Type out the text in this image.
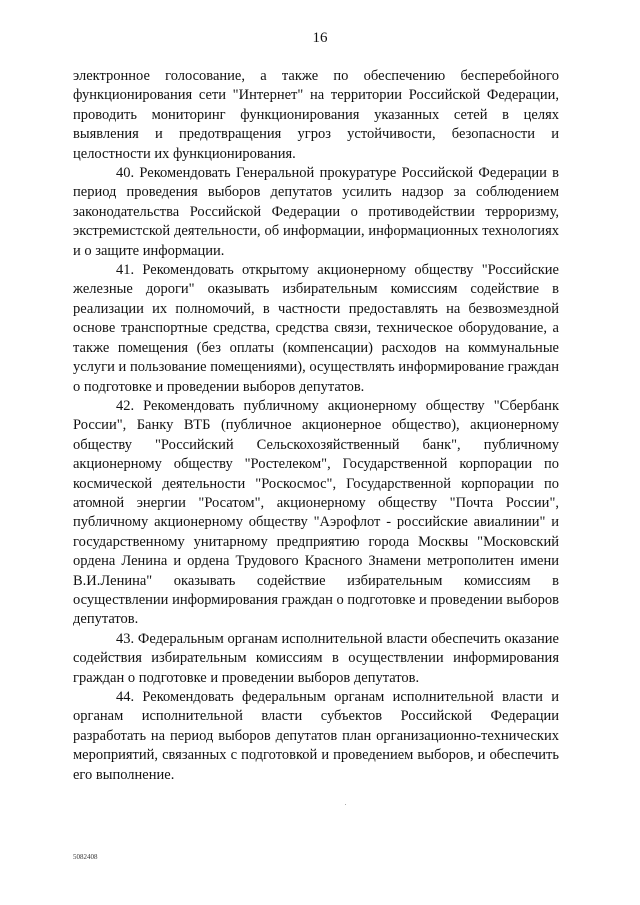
16

электронное голосование, а также по обеспечению бесперебойного функционирования сети "Интернет" на территории Российской Федерации, проводить мониторинг функционирования указанных сетей в целях выявления и предотвращения угроз устойчивости, безопасности и целостности их функционирования.

40. Рекомендовать Генеральной прокуратуре Российской Федерации в период проведения выборов депутатов усилить надзор за соблюдением законодательства Российской Федерации о противодействии терроризму, экстремистской деятельности, об информации, информационных технологиях и о защите информации.

41. Рекомендовать открытому акционерному обществу "Российские железные дороги" оказывать избирательным комиссиям содействие в реализации их полномочий, в частности предоставлять на безвозмездной основе транспортные средства, средства связи, техническое оборудование, а также помещения (без оплаты (компенсации) расходов на коммунальные услуги и пользование помещениями), осуществлять информирование граждан о подготовке и проведении выборов депутатов.

42. Рекомендовать публичному акционерному обществу "Сбербанк России", Банку ВТБ (публичное акционерное общество), акционерному обществу "Российский Сельскохозяйственный банк", публичному акционерному обществу "Ростелеком", Государственной корпорации по космической деятельности "Роскосмос", Государственной корпорации по атомной энергии "Росатом", акционерному обществу "Почта России", публичному акционерному обществу "Аэрофлот - российские авиалинии" и государственному унитарному предприятию города Москвы "Московский ордена Ленина и ордена Трудового Красного Знамени метрополитен имени В.И.Ленина" оказывать содействие избирательным комиссиям в осуществлении информирования граждан о подготовке и проведении выборов депутатов.

43. Федеральным органам исполнительной власти обеспечить оказание содействия избирательным комиссиям в осуществлении информирования граждан о подготовке и проведении выборов депутатов.

44. Рекомендовать федеральным органам исполнительной власти и органам исполнительной власти субъектов Российской Федерации разработать на период выборов депутатов план организационно-технических мероприятий, связанных с подготовкой и проведением выборов, и обеспечить его выполнение.

5082408
